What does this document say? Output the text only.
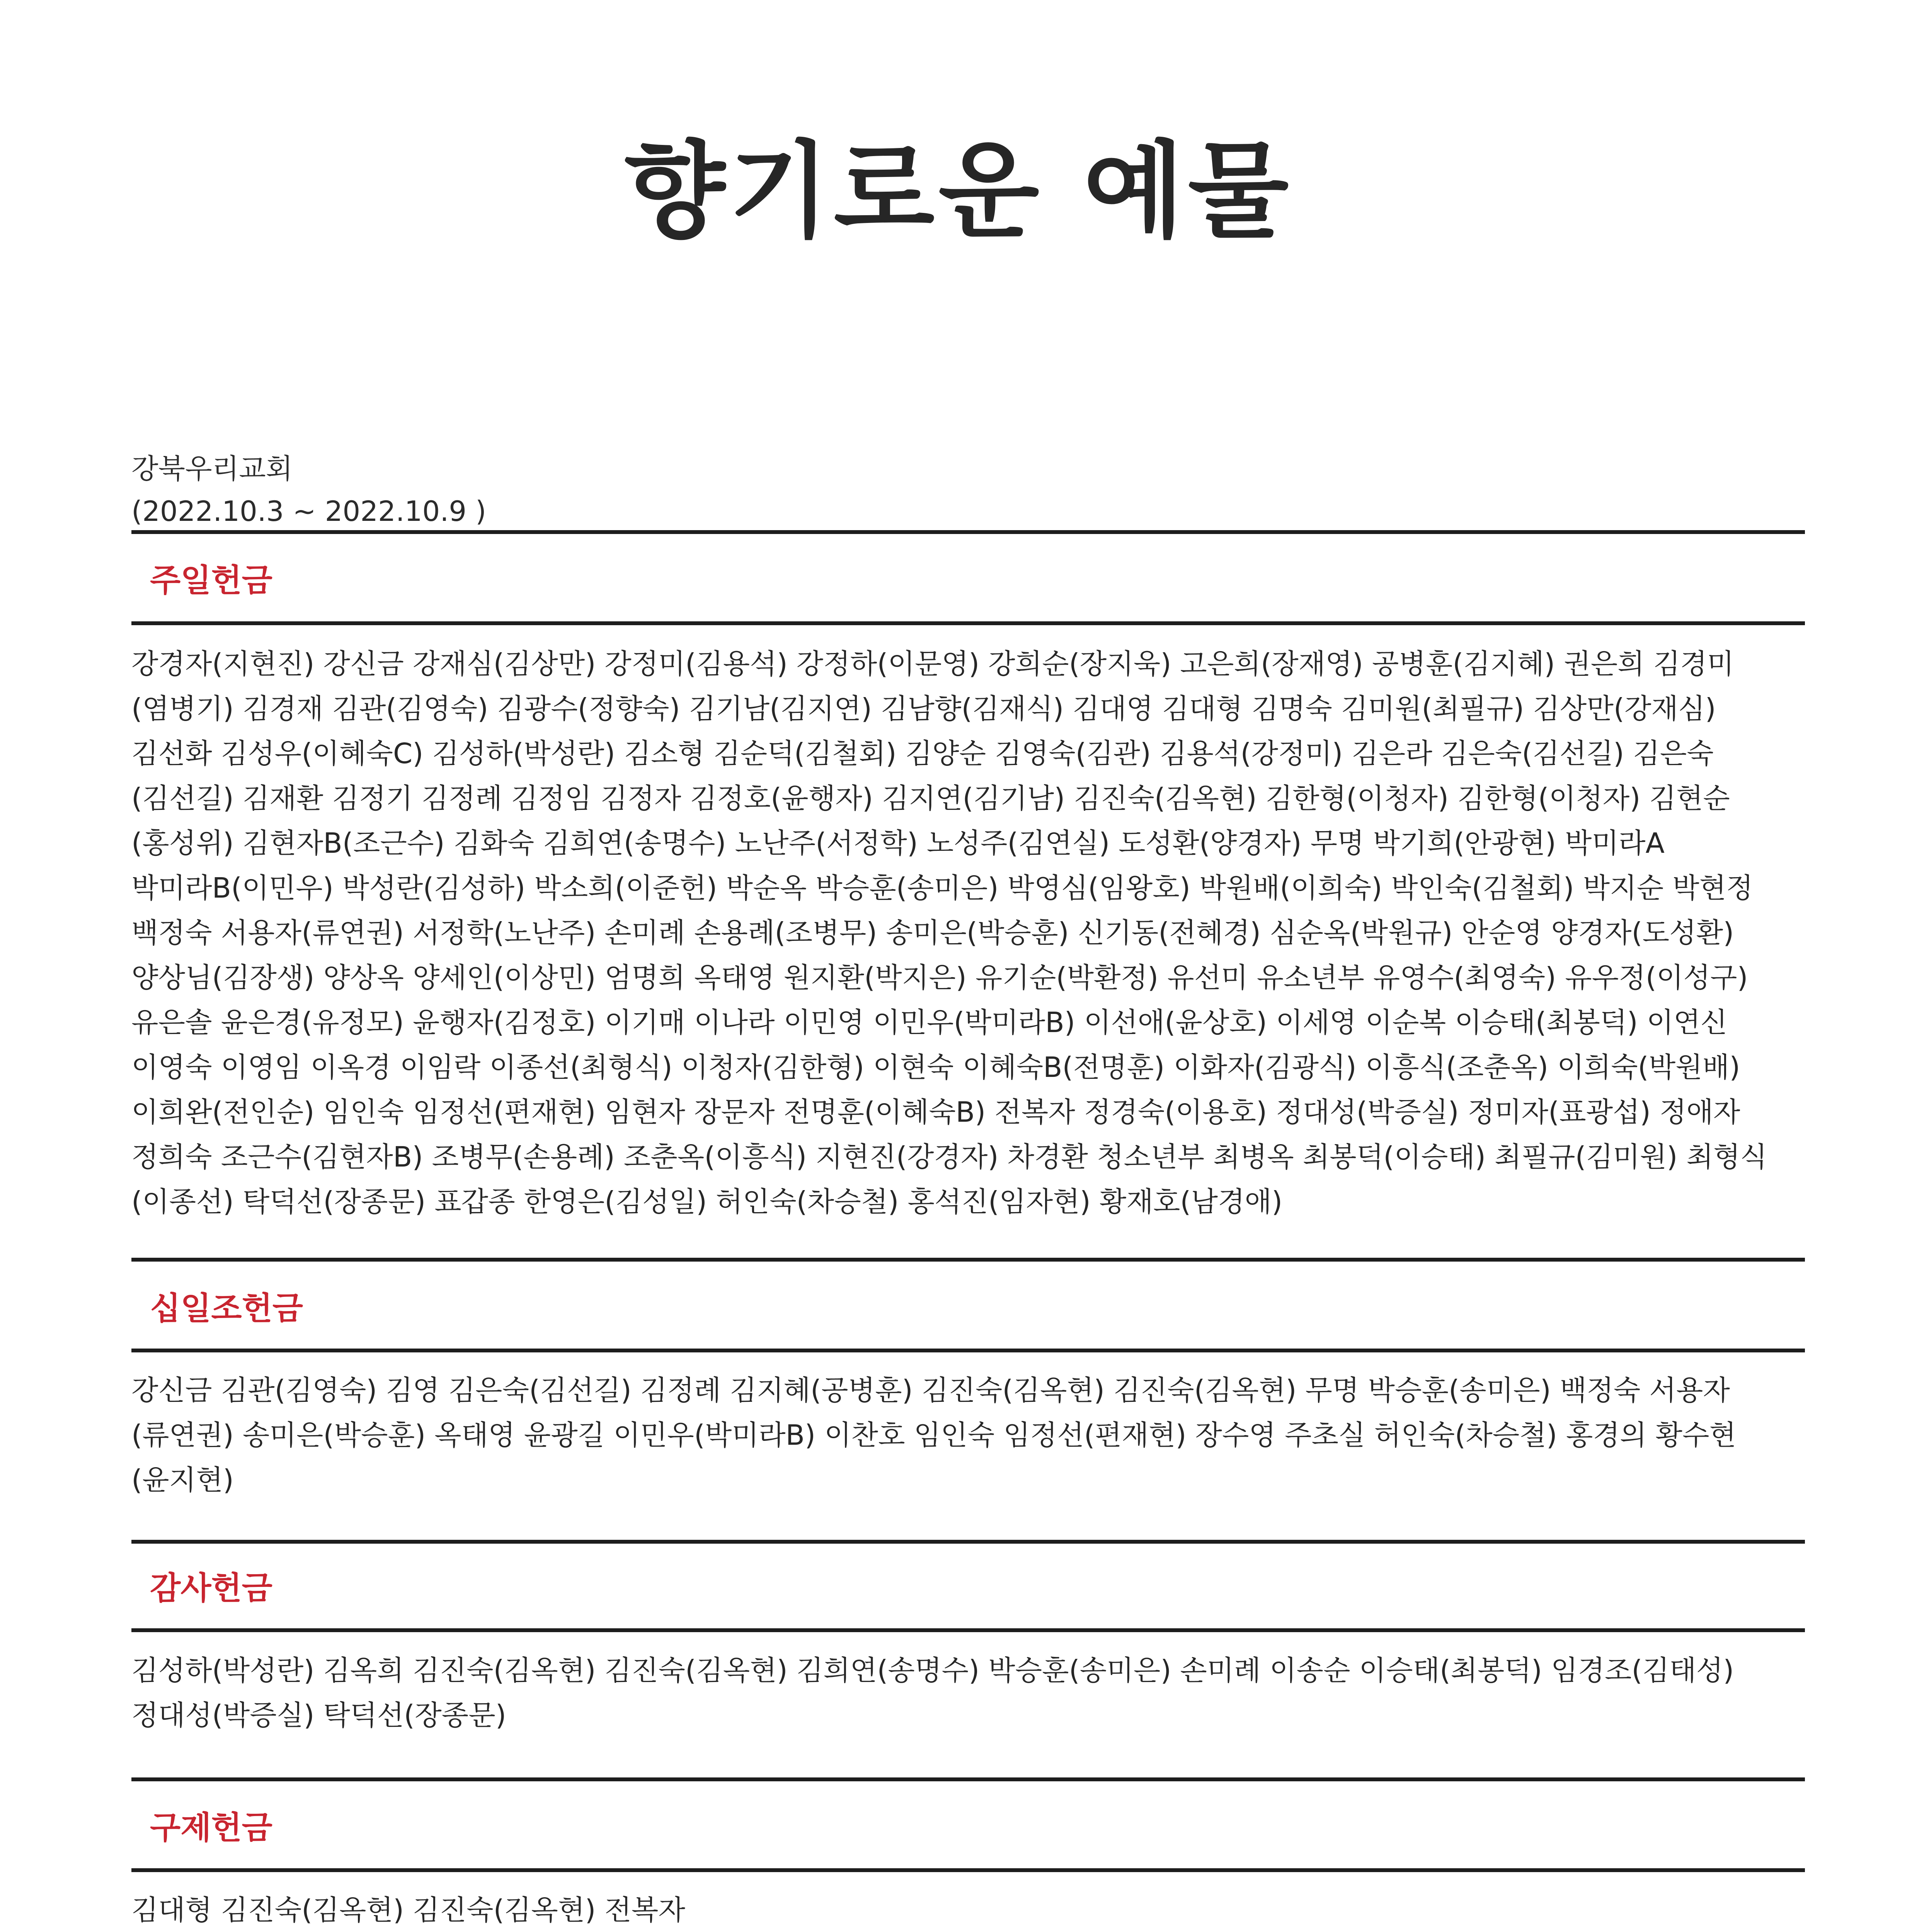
향기로운 예물
강북우리교회
(2022.10.3 ~ 2022.10.9 )
주일헌금

강경자(지현진) 강신금 강재심(김상만) 강정미(김용석) 강정하(이문영) 강희순(장지욱) 고은희(장재영) 공병훈(김지혜) 권은희 김경미(염병기) 김경재 김관(김영숙) 김광수(정향숙) 김기남(김지연) 김남향(김재식) 김대영 김대형 김명숙 김미원(최필규) 김상만(강재심) 김선화 김성우(이혜숙C) 김성하(박성란) 김소형 김순덕(김철회) 김양순 김영숙(김관) 김용석(강정미) 김은라 김은숙(김선길) 김은숙(김선길) 김재환 김정기 김정례 김정임 김정자 김정호(윤행자) 김지연(김기남) 김진숙(김옥현) 김한형(이청자) 김한형(이청자) 김현순(홍성위) 김현자B(조근수) 김화숙 김희연(송명수) 노난주(서정학) 노성주(김연실) 도성환(양경자) 무명 박기희(안광현) 박미라A 박미라B(이민우) 박성란(김성하) 박소희(이준헌) 박순옥 박승훈(송미은) 박영심(임왕호) 박원배(이희숙) 박인숙(김철회) 박지순 박현정 백정숙 서용자(류연권) 서정학(노난주) 손미례 손용례(조병무) 송미은(박승훈) 신기동(전혜경) 심순옥(박원규) 안순영 양경자(도성환) 양상님(김장생) 양상옥 양세인(이상민) 엄명희 옥태영 원지환(박지은) 유기순(박환정) 유선미 유소년부 유영수(최영숙) 유우정(이성구) 유은솔 윤은경(유정모) 윤행자(김정호) 이기매 이나라 이민영 이민우(박미라B) 이선애(윤상호) 이세영 이순복 이승태(최봉덕) 이연신 이영숙 이영임 이옥경 이임락 이종선(최형식) 이청자(김한형) 이현숙 이혜숙B(전명훈) 이화자(김광식) 이흥식(조춘옥) 이희숙(박원배) 이희완(전인순) 임인숙 임정선(편재현) 임현자 장문자 전명훈(이혜숙B) 전복자 정경숙(이용호) 정대성(박증실) 정미자(표광섭) 정애자 정희숙 조근수(김현자B) 조병무(손용례) 조춘옥(이흥식) 지현진(강경자) 차경환 청소년부 최병옥 최봉덕(이승태) 최필규(김미원) 최형식(이종선) 탁덕선(장종문) 표갑종 한영은(김성일) 허인숙(차승철) 홍석진(임자현) 황재호(남경애)

십일조헌금

강신금 김관(김영숙) 김영 김은숙(김선길) 김정례 김지혜(공병훈) 김진숙(김옥현) 김진숙(김옥현) 무명 박승훈(송미은) 백정숙 서용자(류연권) 송미은(박승훈) 옥태영 윤광길 이민우(박미라B) 이찬호 임인숙 임정선(편재현) 장수영 주초실 허인숙(차승철) 홍경의 황수현(윤지현)

감사헌금

김성하(박성란) 김옥희 김진숙(김옥현) 김진숙(김옥현) 김희연(송명수) 박승훈(송미은) 손미례 이송순 이승태(최봉덕) 임경조(김태성) 정대성(박증실) 탁덕선(장종문)

구제헌금

김대형 김진숙(김옥현) 김진숙(김옥현) 전복자
